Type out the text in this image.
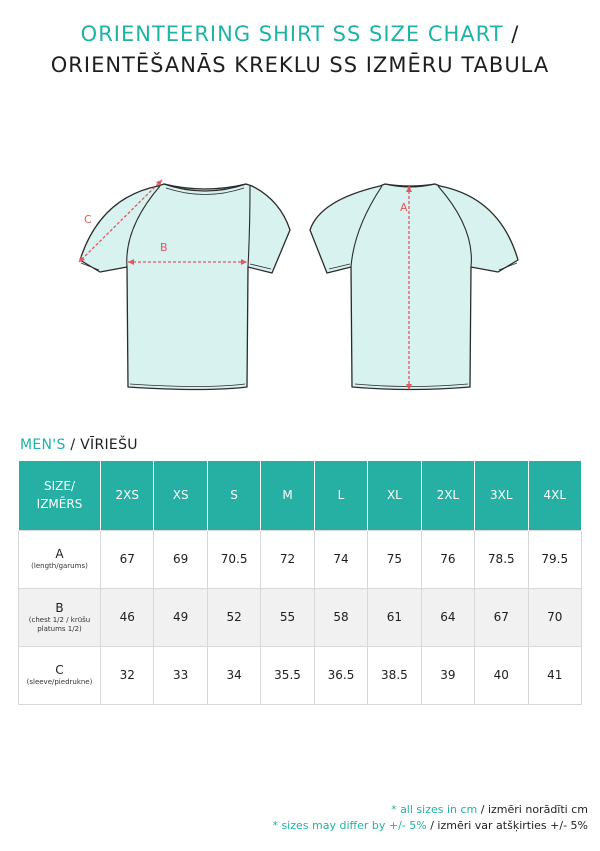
ORIENTEERING SHIRT SS SIZE CHART /
ORIENTĒŠANĀS KREKLU SS IZMĒRU TABULA
B
C
A
MEN'S / VĪRIEŠU
SIZE/
IZMĒRS	2XS	XS	S	M	L	XL	2XL	3XL	4XL

A
(length/garums)	67	69	70.5	72	74	75	76	78.5	79.5

B
(chest 1/2 / krūšu platums 1/2)	46	49	52	55	58	61	64	67	70

C
(sleeve/piedrukne)	32	33	34	35.5	36.5	38.5	39	40	41
* all sizes in cm / izmēri norādīti cm
* sizes may differ by +/- 5% / izmēri var atšķirties +/- 5%
